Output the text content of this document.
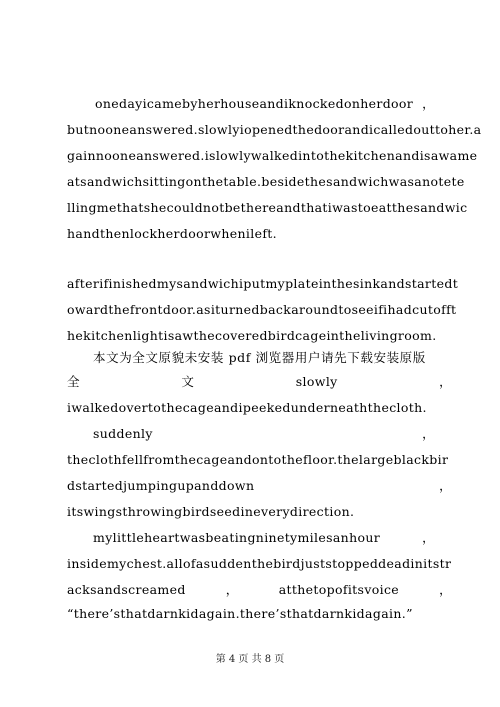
onedayicamebyherhouseandiknockedonherdoor ，
butnooneanswered.slowlyiopenedthedoorandicalledouttoher.a
gainnooneanswered.islowlywalkedintothekitchenandisawame
atsandwichsittingonthetable.besidethesandwichwasanotete
llingmethatshecouldnotbethereandthatiwastoeatthesandwic
handthenlockherdoorwhenileft.
afterifinishedmysandwichiputmyplateinthesinkandstartedt
owardthefrontdoor.asiturnedbackaroundtoseeifihadcutofft
hekitchenlightisawthecoveredbirdcageinthelivingroom.
本文为全文原貌未安装 pdf 浏览器用户请先下载安装原版
全	文	slowly	，
iwalkedovertothecageandipeekedunderneaththecloth.
suddenly	，
theclothfellfromthecageandontothefloor.thelargeblackbir
dstartedjumpingupanddown	，
itswingsthrowingbirdseedineverydirection.
mylittleheartwasbeatingninetymilesanhour	，
insidemychest.allofasuddenthebirdjuststoppeddeadinitstr
acksandscreamed	，	atthetopofitsvoice	，
“there’sthatdarnkidagain.there’sthatdarnkidagain.”
第 4 页 共 8 页
